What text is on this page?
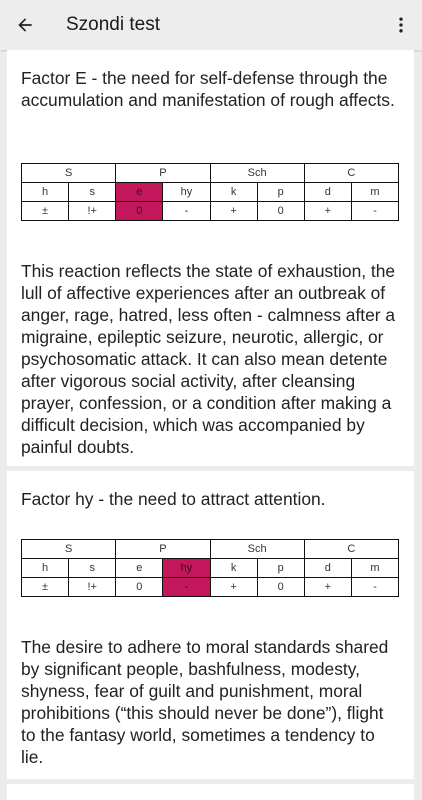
Szondi test

Factor E - the need for self-defense through the accumulation and manifestation of rough affects.

S		P		Sch		C	
h	s	e	hy	k	p	d	m
±	!+	0	-	+	0	+	-

This reaction reflects the state of exhaustion, the lull of affective experiences after an outbreak of anger, rage, hatred, less often - calmness after a migraine, epileptic seizure, neurotic, allergic, or psychosomatic attack. It can also mean detente after vigorous social activity, after cleansing prayer, confession, or a condition after making a difficult decision, which was accompanied by painful doubts.

Factor hy - the need to attract attention.

S		P		Sch		C	
h	s	e	hy	k	p	d	m
±	!+	0	-	+	0	+	-

The desire to adhere to moral standards shared by significant people, bashfulness, modesty, shyness, fear of guilt and punishment, moral prohibitions (“this should never be done”), flight to the fantasy world, sometimes a tendency to lie.
